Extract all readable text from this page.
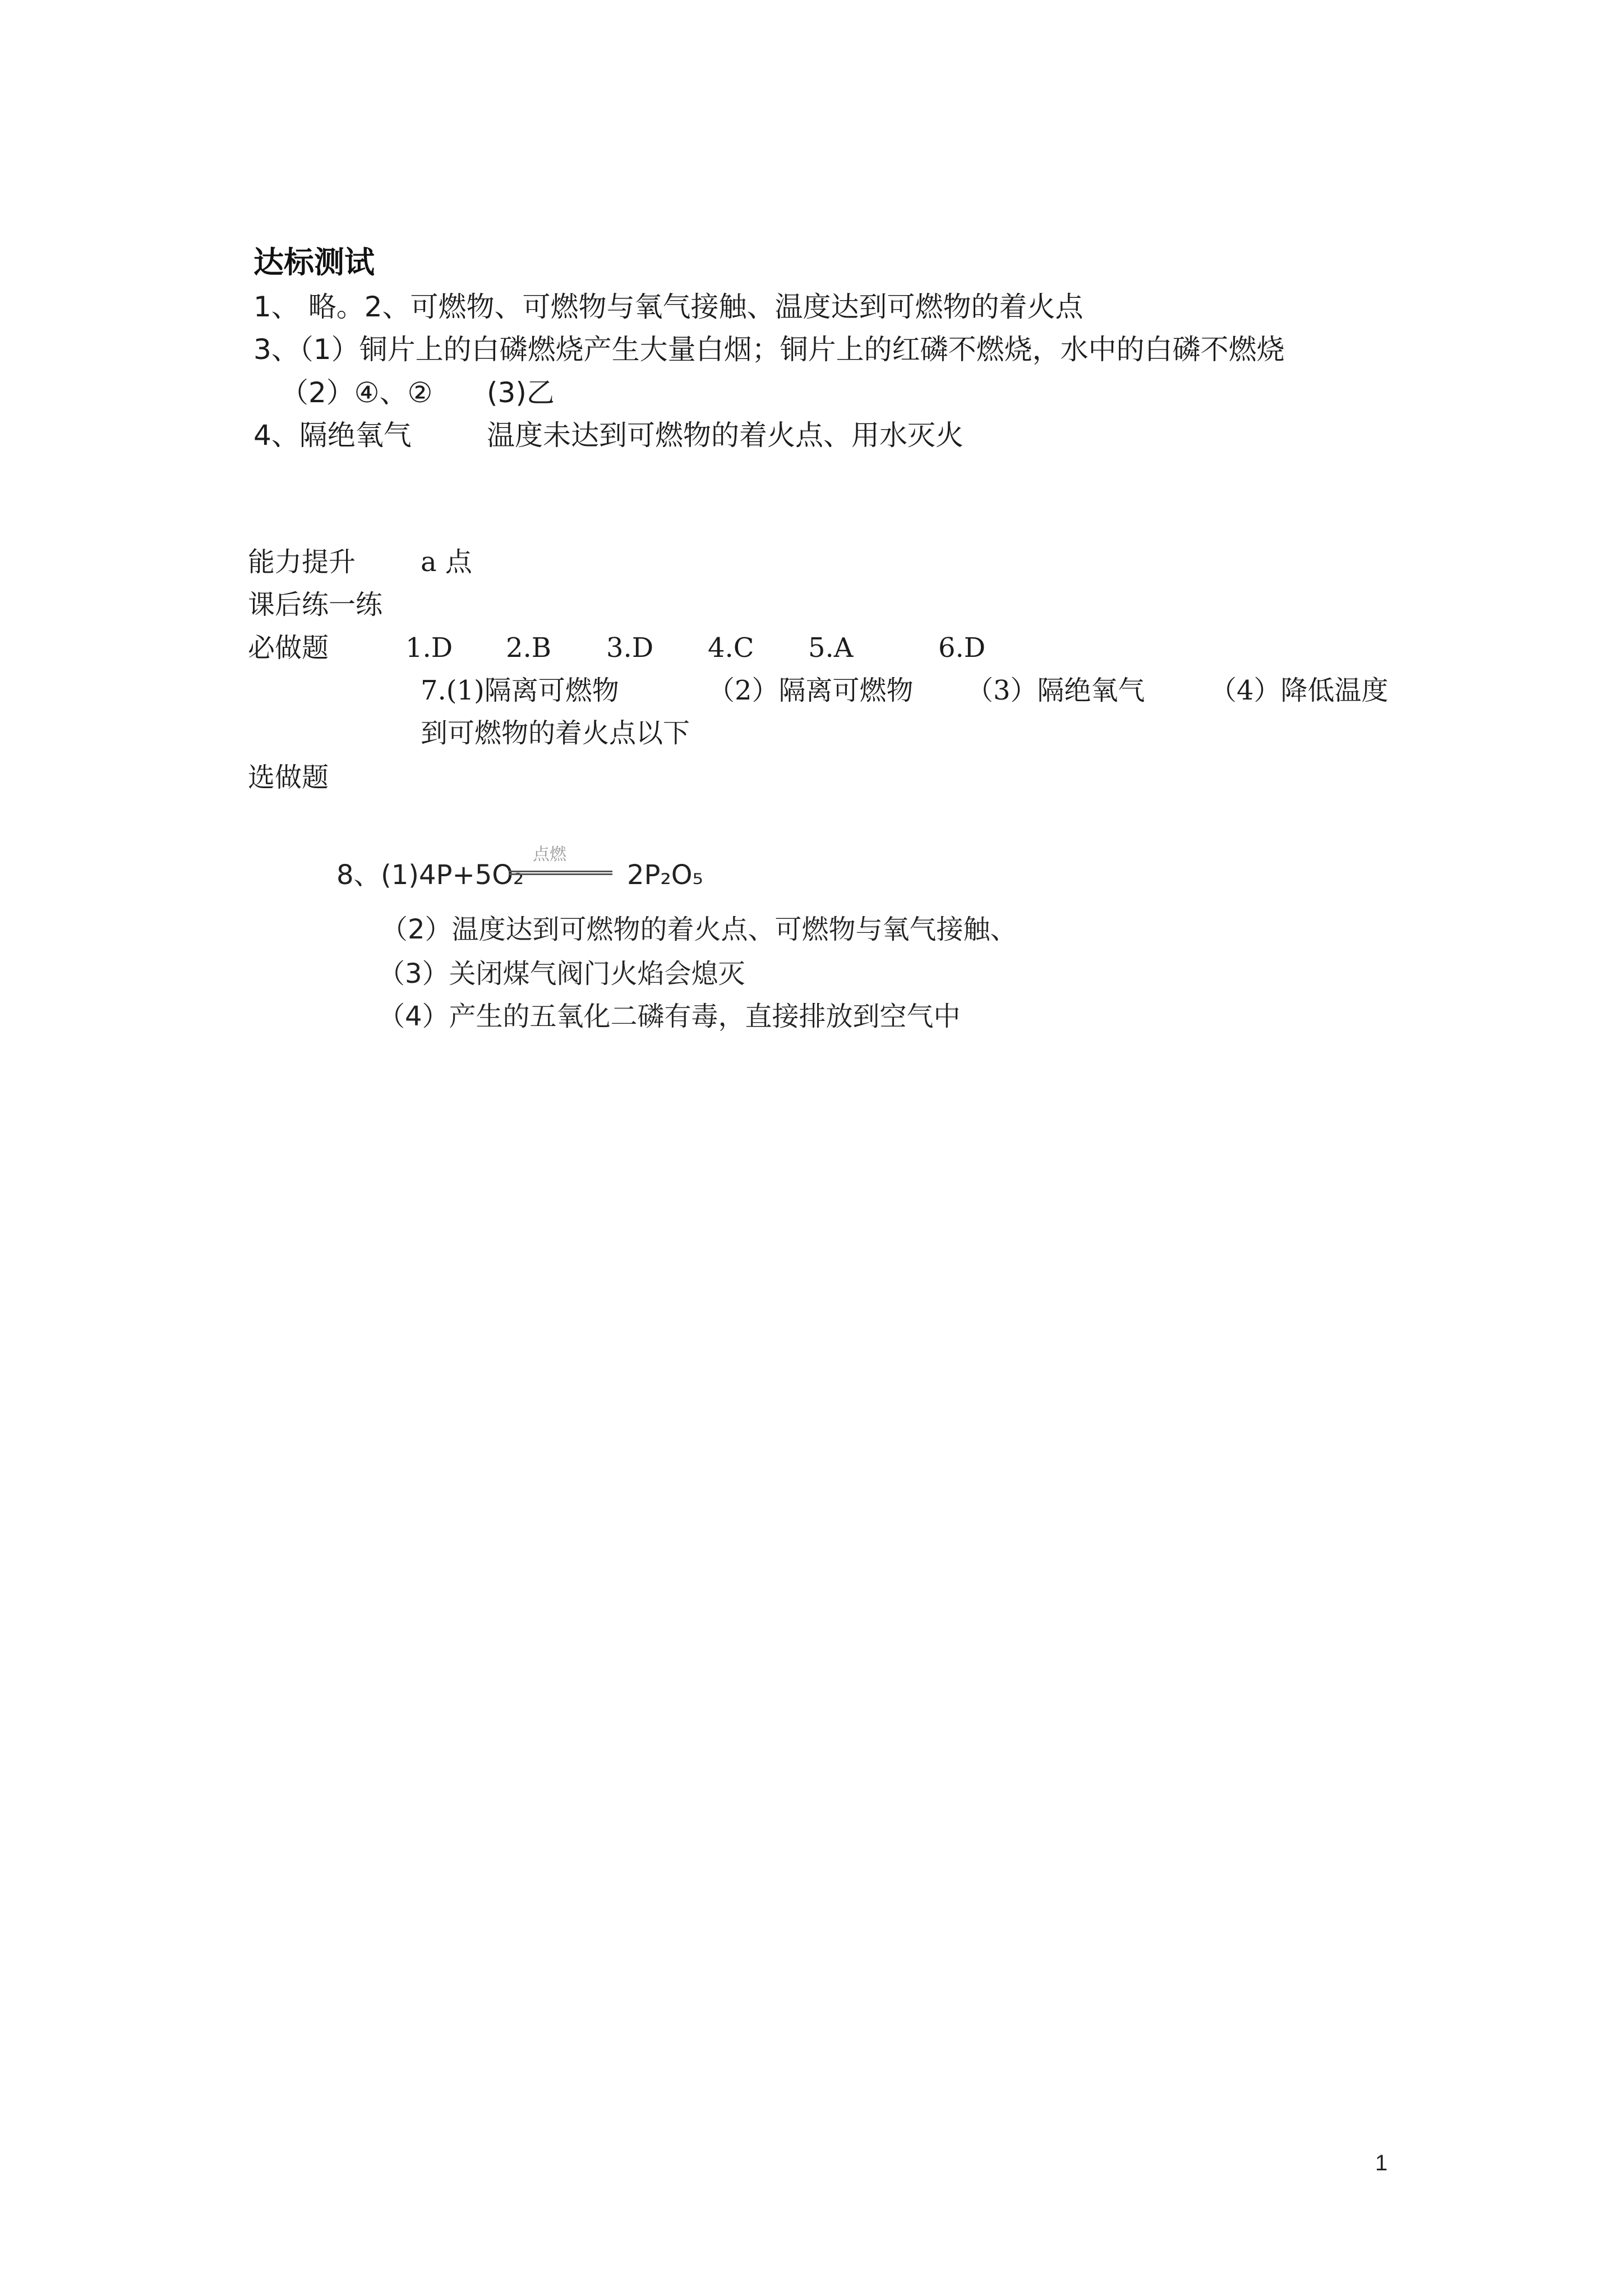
达标测试
1、 略。2、可燃物、可燃物与氧气接触、温度达到可燃物的着火点
3、（1）铜片上的白磷燃烧产生大量白烟；铜片上的红磷不燃烧，水中的白磷不燃烧
（2）④、② (3)乙
4、隔绝氧气	温度未达到可燃物的着火点、用水灭火
能力提升 a 点
课后练一练
必做题	1.D 2.B 3.D 4.C 5.A	6.D
7.(1)隔离可燃物	（2）隔离可燃物 （3）隔绝氧气 （4）降低温度
到可燃物的着火点以下
选做题
8、 (1)4P+5O₂
点燃
2P₂O₅
（2）温度达到可燃物的着火点、可燃物与氧气接触、
（3）关闭煤气阀门火焰会熄灭
（4）产生的五氧化二磷有毒，直接排放到空气中
1
